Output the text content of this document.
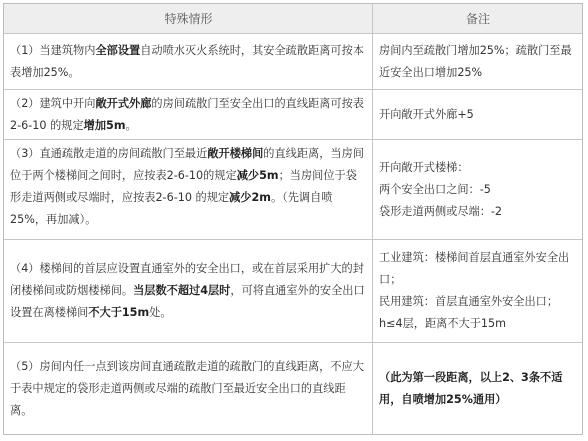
特殊情形	备注
（1）当建筑物内全部设置自动喷水灭火系统时，其安全疏散距离可按本表增加25%。
房间内至疏散门增加25%；疏散门至最近安全出口增加25%
（2）建筑中开向敞开式外廊的房间疏散门至安全出口的直线距离可按表2-6-10 的规定增加5m。
开向敞开式外廊+5
（3）直通疏散走道的房间疏散门至最近敞开楼梯间的直线距离，当房间位于两个楼梯间之间时，应按表2-6-10的规定减少5m；当房间位于袋形走道两侧或尽端时，应按表2-6-10 的规定减少2m。（先调自喷25%，再加减）。
开向敞开式楼梯：
两个安全出口之间：-5
袋形走道两侧或尽端：-2
（4）楼梯间的首层应设置直通室外的安全出口，或在首层采用扩大的封闭楼梯间或防烟楼梯间。当层数不超过4层时，可将直通室外的安全出口设置在离楼梯间不大于15m处。
工业建筑：楼梯间首层直通室外安全出口；
民用建筑：首层直通室外安全出口；
h≤4层，距离不大于15m
（5）房间内任一点到该房间直通疏散走道的疏散门的直线距离，不应大于表中规定的袋形走道两侧或尽端的疏散门至最近安全出口的直线距离。
（此为第一段距离，以上2、3条不适用，自喷增加25%通用）
